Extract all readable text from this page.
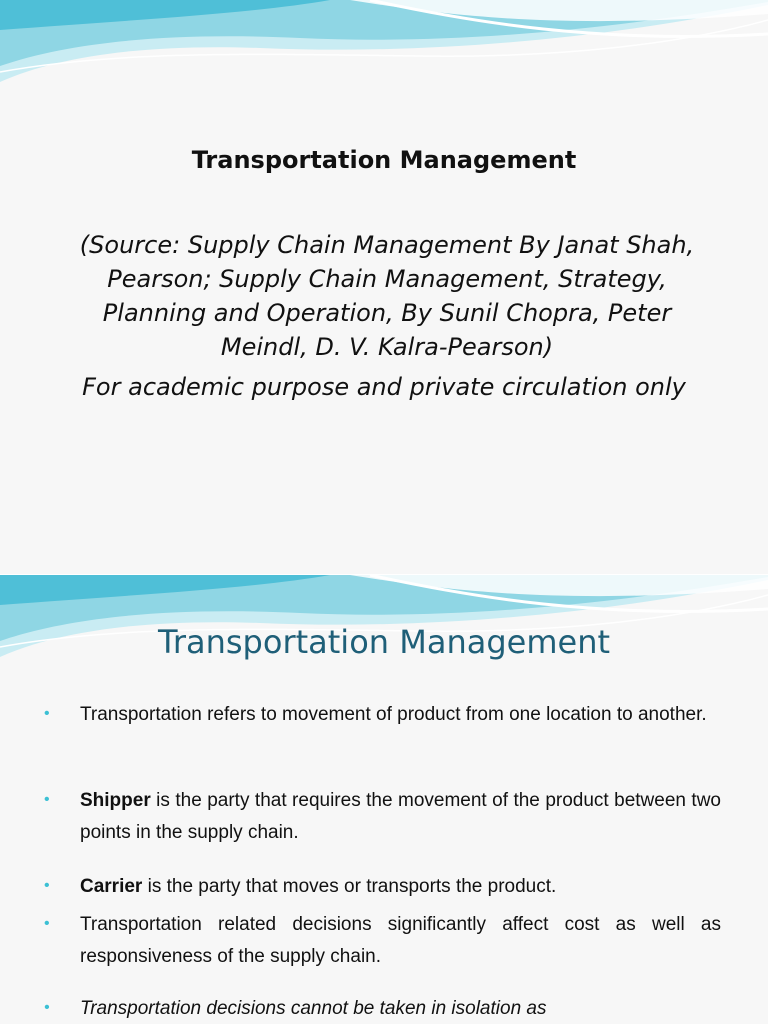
Transportation Management

(Source: Supply Chain Management By Janat Shah, Pearson; Supply Chain Management, Strategy, Planning and Operation, By Sunil Chopra, Peter Meindl, D. V. Kalra-Pearson)

For academic purpose and private circulation only

Transportation Management
• Transportation refers to movement of product from one location to another.
• Shipper is the party that requires the movement of the product between two points in the supply chain.
• Carrier is the party that moves or transports the product.
• Transportation related decisions significantly affect cost as well as responsiveness of the supply chain.
• Transportation decisions cannot be taken in isolation as
